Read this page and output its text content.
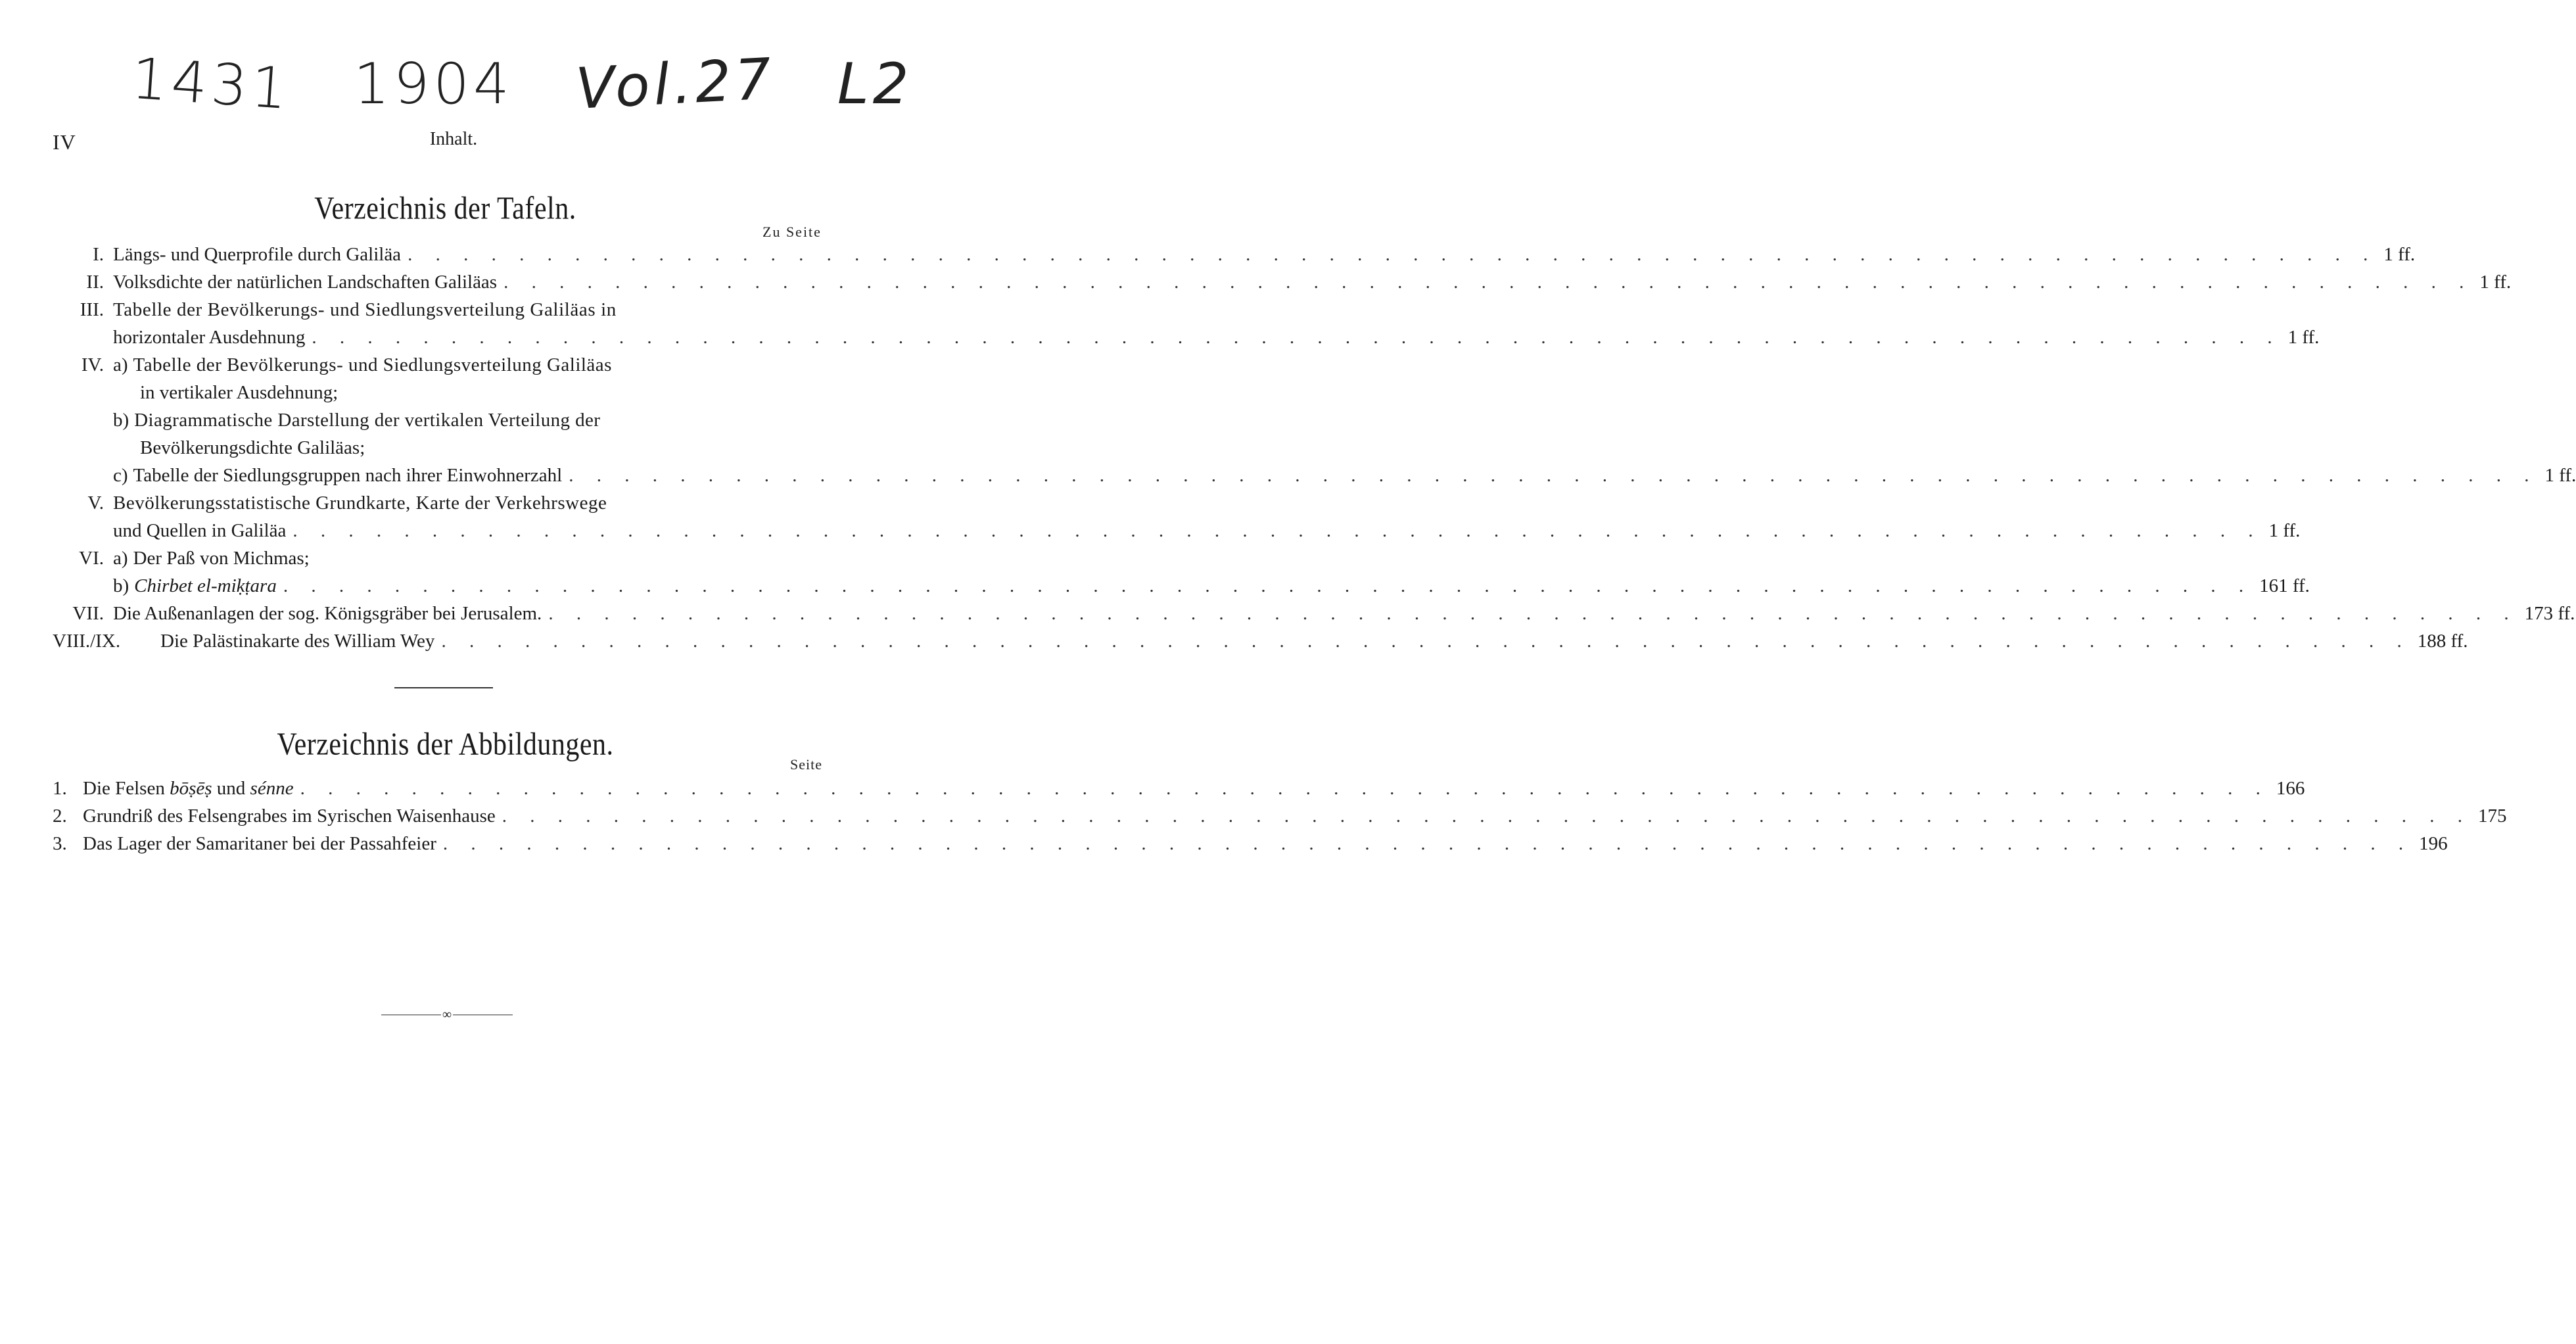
1431 1904 Vol.27 L2
IV	Inhalt.
Verzeichnis der Tafeln.
Zu Seite
I. Längs- und Querprofile durch Galiläa . . .	1 ff.
II. Volksdichte der natürlichen Landschaften Galiläas . . .	1 ff.
III. Tabelle der Bevölkerungs- und Siedlungsverteilung Galiläas in
horizontaler Ausdehnung . . .	1 ff.
IV. a) Tabelle der Bevölkerungs- und Siedlungsverteilung Galiläas
in vertikaler Ausdehnung;
b) Diagrammatische Darstellung der vertikalen Verteilung der
Bevölkerungsdichte Galiläas;
c) Tabelle der Siedlungsgruppen nach ihrer Einwohnerzahl . . .	1 ff.
V. Bevölkerungsstatistische Grundkarte, Karte der Verkehrswege
und Quellen in Galiläa . . .	1 ff.
VI. a) Der Paß von Michmas;
b) Chirbet el-miḳṭara . . .	161 ff.
VII. Die Außenanlagen der sog. Königsgräber bei Jerusalem. . . .	173 ff.
VIII./IX.	Die Palästinakarte des William Wey . . .	188 ff.
Verzeichnis der Abbildungen.
Seite
1. Die Felsen bōṣēṣ und sénne . . .	166
2. Grundriß des Felsengrabes im Syrischen Waisenhause . . .	175
3. Das Lager der Samaritaner bei der Passahfeier . . .	196
∞
